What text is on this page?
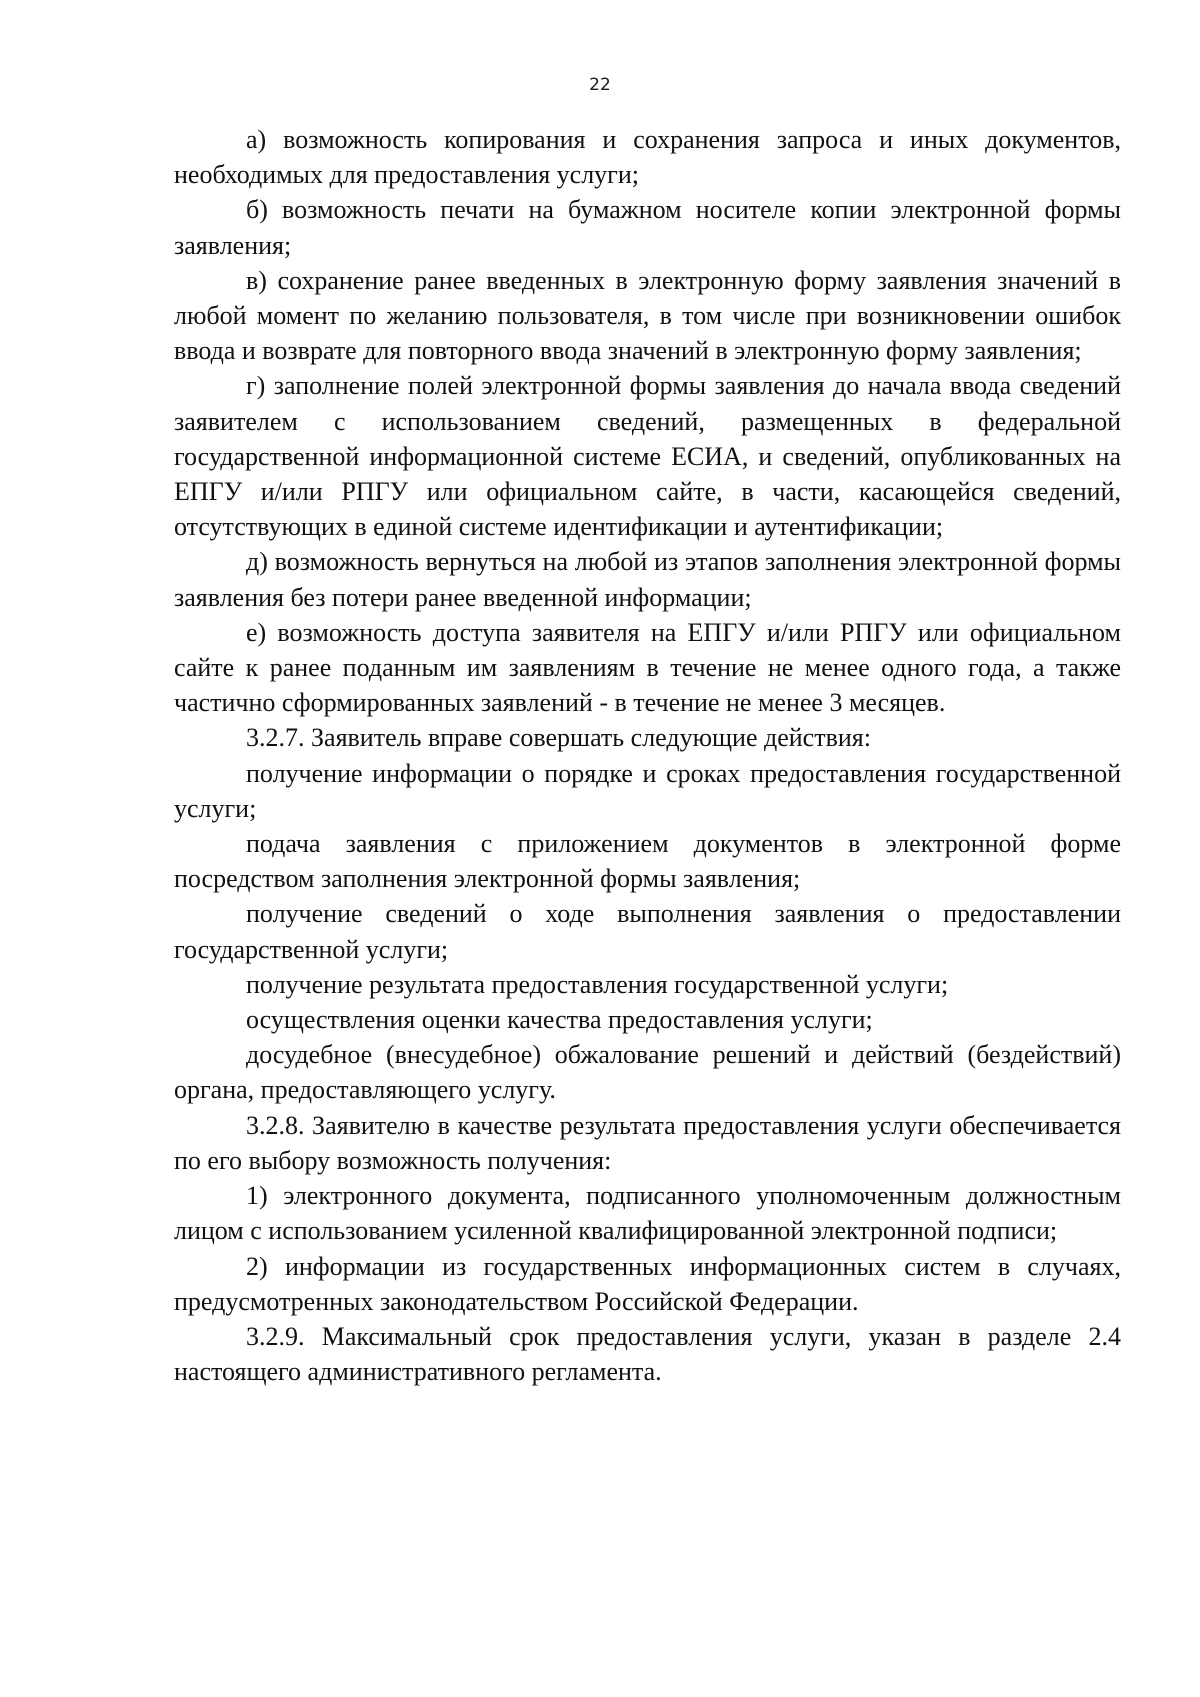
22

а) возможность копирования и сохранения запроса и иных документов, необходимых для предоставления услуги;

б) возможность печати на бумажном носителе копии электронной формы заявления;

в) сохранение ранее введенных в электронную форму заявления значений в любой момент по желанию пользователя, в том числе при возникновении ошибок ввода и возврате для повторного ввода значений в электронную форму заявления;

г) заполнение полей электронной формы заявления до начала ввода сведений заявителем с использованием сведений, размещенных в федеральной государственной информационной системе ЕСИА, и сведений, опубликованных на ЕПГУ и/или РПГУ или официальном сайте, в части, касающейся сведений, отсутствующих в единой системе идентификации и аутентификации;

д) возможность вернуться на любой из этапов заполнения электронной формы заявления без потери ранее введенной информации;

е) возможность доступа заявителя на ЕПГУ и/или РПГУ или официальном сайте к ранее поданным им заявлениям в течение не менее одного года, а также частично сформированных заявлений - в течение не менее 3 месяцев.

3.2.7. Заявитель вправе совершать следующие действия:

получение информации о порядке и сроках предоставления государственной услуги;

подача заявления с приложением документов в электронной форме посредством заполнения электронной формы заявления;

получение сведений о ходе выполнения заявления о предоставлении государственной услуги;

получение результата предоставления государственной услуги;

осуществления оценки качества предоставления услуги;

досудебное (внесудебное) обжалование решений и действий (бездействий) органа, предоставляющего услугу.

3.2.8. Заявителю в качестве результата предоставления услуги обеспечивается по его выбору возможность получения:

1) электронного документа, подписанного уполномоченным должностным лицом с использованием усиленной квалифицированной электронной подписи;

2) информации из государственных информационных систем в случаях, предусмотренных законодательством Российской Федерации.

3.2.9. Максимальный срок предоставления услуги, указан в разделе 2.4 настоящего административного регламента.
